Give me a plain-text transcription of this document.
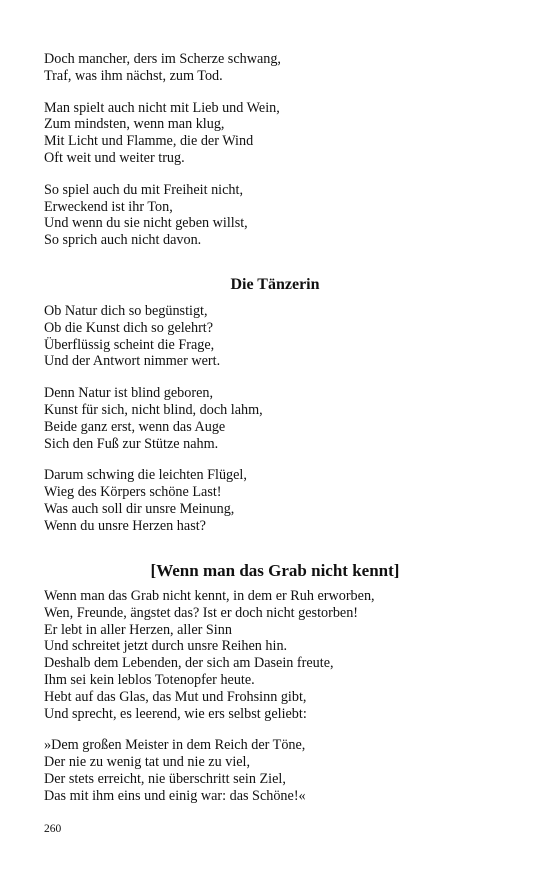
Doch mancher, ders im Scherze schwang,
Traf, was ihm nächst, zum Tod.
Man spielt auch nicht mit Lieb und Wein,
Zum mindsten, wenn man klug,
Mit Licht und Flamme, die der Wind
Oft weit und weiter trug.
So spiel auch du mit Freiheit nicht,
Erweckend ist ihr Ton,
Und wenn du sie nicht geben willst,
So sprich auch nicht davon.
Die Tänzerin
Ob Natur dich so begünstigt,
Ob die Kunst dich so gelehrt?
Überflüssig scheint die Frage,
Und der Antwort nimmer wert.
Denn Natur ist blind geboren,
Kunst für sich, nicht blind, doch lahm,
Beide ganz erst, wenn das Auge
Sich den Fuß zur Stütze nahm.
Darum schwing die leichten Flügel,
Wieg des Körpers schöne Last!
Was auch soll dir unsre Meinung,
Wenn du unsre Herzen hast?
[Wenn man das Grab nicht kennt]
Wenn man das Grab nicht kennt, in dem er Ruh erworben,
Wen, Freunde, ängstet das? Ist er doch nicht gestorben!
Er lebt in aller Herzen, aller Sinn
Und schreitet jetzt durch unsre Reihen hin.
Deshalb dem Lebenden, der sich am Dasein freute,
Ihm sei kein leblos Totenopfer heute.
Hebt auf das Glas, das Mut und Frohsinn gibt,
Und sprecht, es leerend, wie ers selbst geliebt:
»Dem großen Meister in dem Reich der Töne,
Der nie zu wenig tat und nie zu viel,
Der stets erreicht, nie überschritt sein Ziel,
Das mit ihm eins und einig war: das Schöne!«
260
